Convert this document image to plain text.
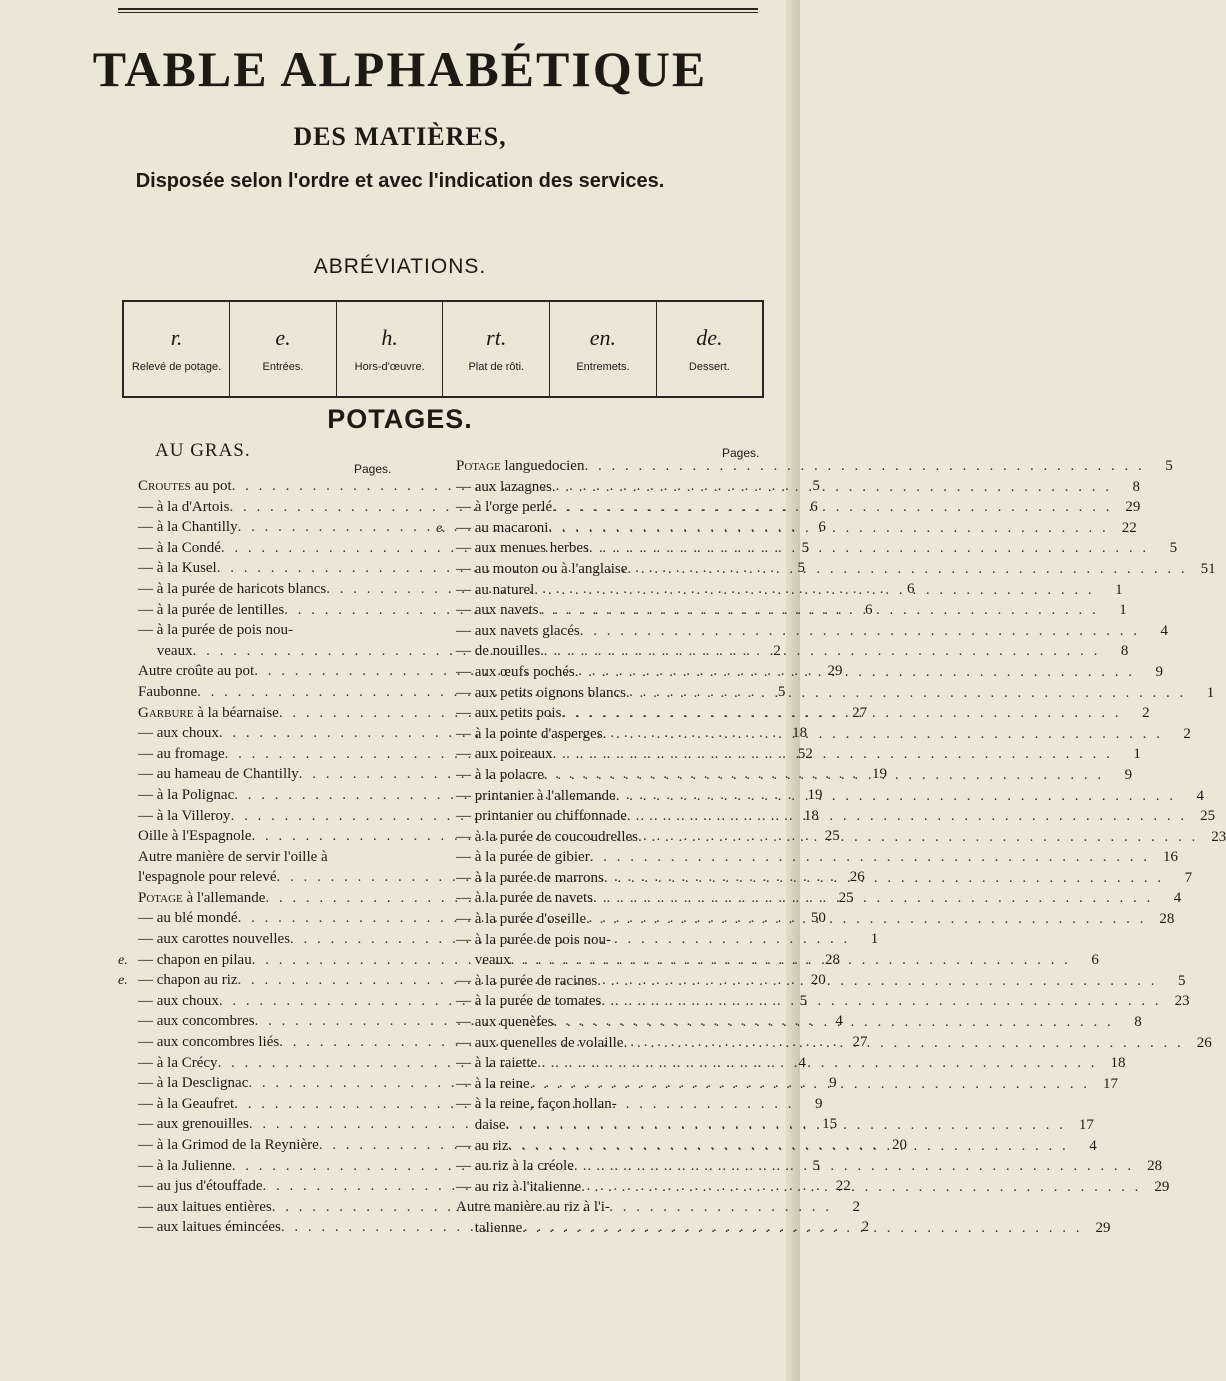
TABLE ALPHABÉTIQUE
DES MATIÈRES,
Disposée selon l'ordre et avec l'indication des services.
ABRÉVIATIONS.
r.
Relevé de potage.

e.
Entrées.

h.
Hors-d'œuvre.

rt.
Plat de rôti.

en.
Entremets.

de.
Dessert.
POTAGES.
AU GRAS.
Pages.
Pages.
Croutes au pot . . .	5
— à la d'Artois . . .	6
— à la Chantilly . . .	6
— à la Condé . . .	5
— à la Kusel . . .	5
— à la purée de haricots blancs . . .	6
— à la purée de lentilles . . .	6
— à la purée de pois nou-
veaux . . .	2
Autre croûte au pot . . .	29
Faubonne . . .	5
Garbure à la béarnaise . . .	27
— aux choux . . .	18
— au fromage . . .	52
— au hameau de Chantilly . . .	19
— à la Polignac . . .	19
— à la Villeroy . . .	18
Oille à l'Espagnole . . .	25
Autre manière de servir l'oille à
l'espagnole pour relevé . . .	26
Potage à l'allemande . . .	25
— au blé mondé . . .	50
— aux carottes nouvelles . . .	1
e. — chapon en pilau . . .	28
e. — chapon au riz . . .	20
— aux choux . . .	5
— aux concombres . . .	4
— aux concombres liés . . .	27
— à la Crécy . . .	4
— à la Desclignac . . .	9
— à la Geaufret . . .	9
— aux grenouilles . . .	15
— à la Grimod de la Reynière . . .	20
— à la Julienne . . .	5
— au jus d'étouffade . . .	22
— aux laitues entières . . .	2
— aux laitues émincées . . .	2
Potage languedocien . . .	5
— aux lazagnes . . .	8
— à l'orge perlé . . .	29
e. — au macaroni . . .	22
— aux menues herbes . . .	5
— au mouton ou à l'anglaise . . .	51
— au naturel . . .	1
— aux navets . . .	1
— aux navets glacés . . .	4
— de nouilles . . .	8
— aux œufs pochés . . .	9
— aux petits oignons blancs . . .	1
— aux petits pois . . .	2
— à la pointe d'asperges . . .	2
— aux poireaux . . .	1
— à la polacre . . .	9
— printanier à l'allemande . . .	4
— printanier ou chiffonnade . . .	25
— à la purée de coucoudrelles . . .	23
— à la purée de gibier . . .	16
— à la purée de marrons . . .	7
— à la purée de navets . . .	4
— à la purée d'oseille . . .	28
— à la purée de pois nou-
veaux . . .	6
— à la purée de racines . . .	5
— à la purée de tomates . . .	23
— aux quenèfes . . .	8
— aux quenelles de volaille . . .	26
— à la raiette . . .	18
— à la reine . . .	17
— à la reine, façon hollan-
daise . . .	17
— au riz . . .	4
— au riz à la créole . . .	28
— au riz à l'italienne . . .	29
Autre manière au riz à l'i-
talienne . . .	29
